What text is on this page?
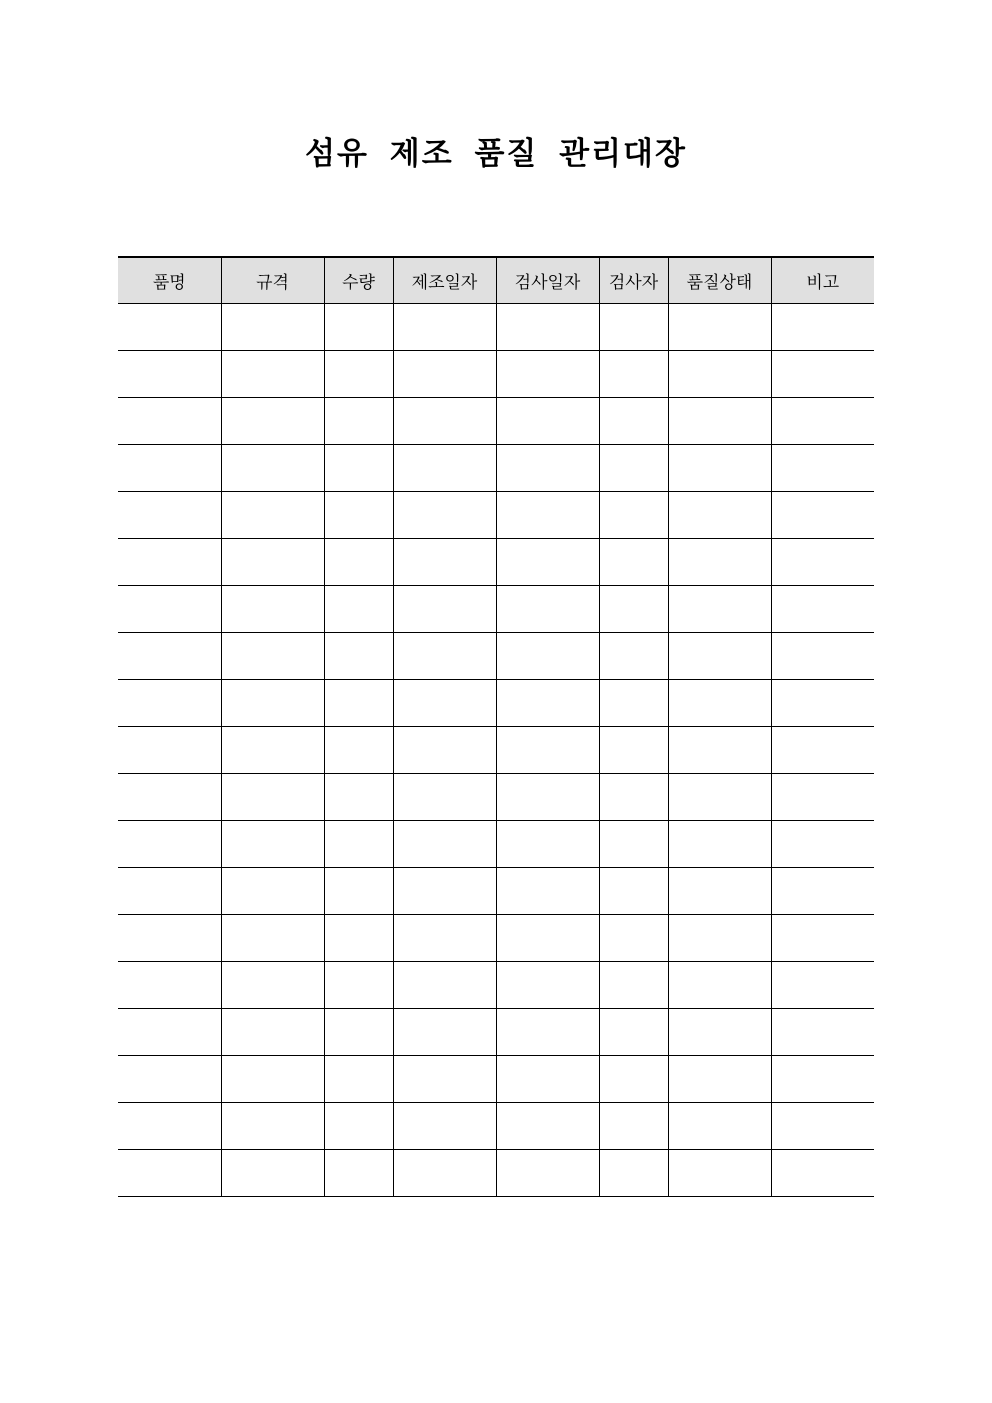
섬유 제조 품질 관리대장
품명	규격	수량	제조일자	검사일자	검사자	품질상태	비고
